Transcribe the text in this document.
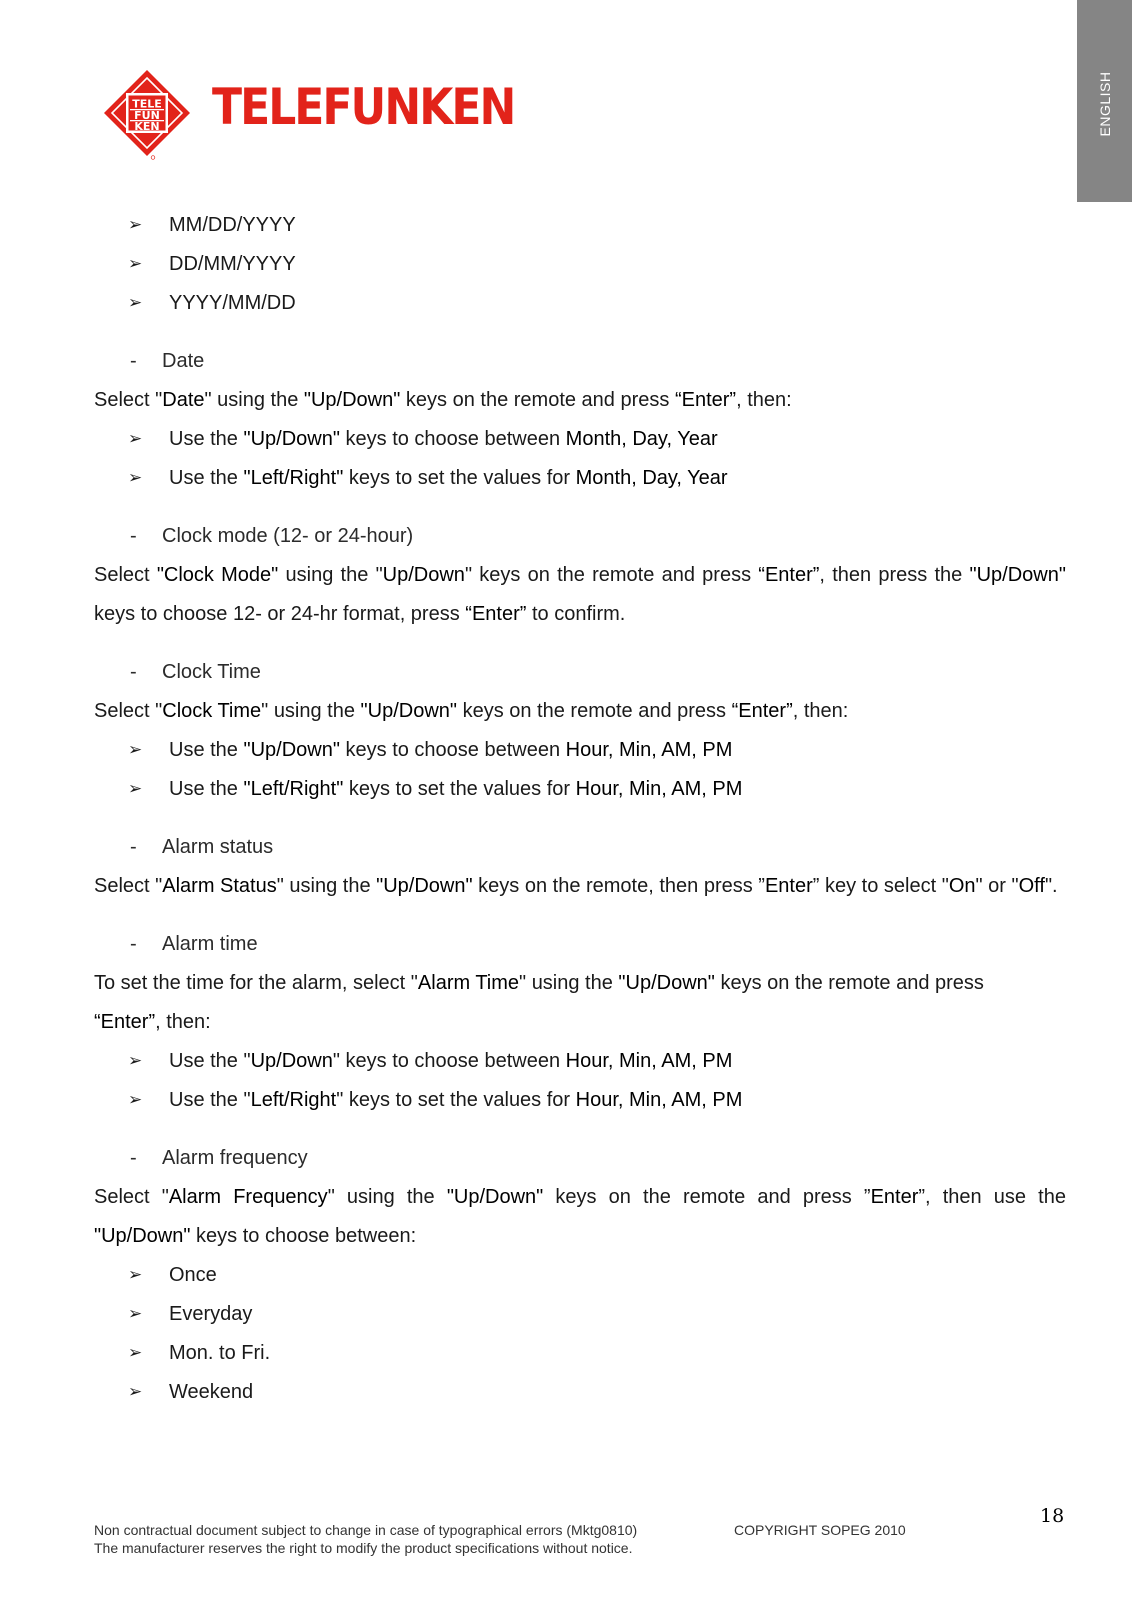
ENGLISH
TELE
FUN
KEN TELEFUNKEN
➢ MM/DD/YYYY
➢ DD/MM/YYYY
➢ YYYY/MM/DD
- Date
Select "Date" using the "Up/Down" keys on the remote and press “Enter”, then:
➢ Use the "Up/Down" keys to choose between Month, Day, Year
➢ Use the "Left/Right" keys to set the values for Month, Day, Year
- Clock mode (12- or 24-hour)
Select "Clock Mode" using the "Up/Down" keys on the remote and press “Enter”, then press the "Up/Down" keys to choose 12- or 24-hr format, press “Enter” to confirm.
- Clock Time
Select "Clock Time" using the "Up/Down" keys on the remote and press “Enter”, then:
➢ Use the "Up/Down" keys to choose between Hour, Min, AM, PM
➢ Use the "Left/Right" keys to set the values for Hour, Min, AM, PM
- Alarm status
Select "Alarm Status" using the "Up/Down" keys on the remote, then press ”Enter” key to select "On" or "Off".
- Alarm time
To set the time for the alarm, select "Alarm Time" using the "Up/Down" keys on the remote and press
“Enter”, then:
➢ Use the "Up/Down" keys to choose between Hour, Min, AM, PM
➢ Use the "Left/Right" keys to set the values for Hour, Min, AM, PM
- Alarm frequency
Select "Alarm Frequency" using the "Up/Down" keys on the remote and press ”Enter”, then use the "Up/Down" keys to choose between:
➢ Once
➢ Everyday
➢ Mon. to Fri.
➢ Weekend
18
Non contractual document subject to change in case of typographical errors (Mktg0810)
The manufacturer reserves the right to modify the product specifications without notice.
COPYRIGHT SOPEG 2010
